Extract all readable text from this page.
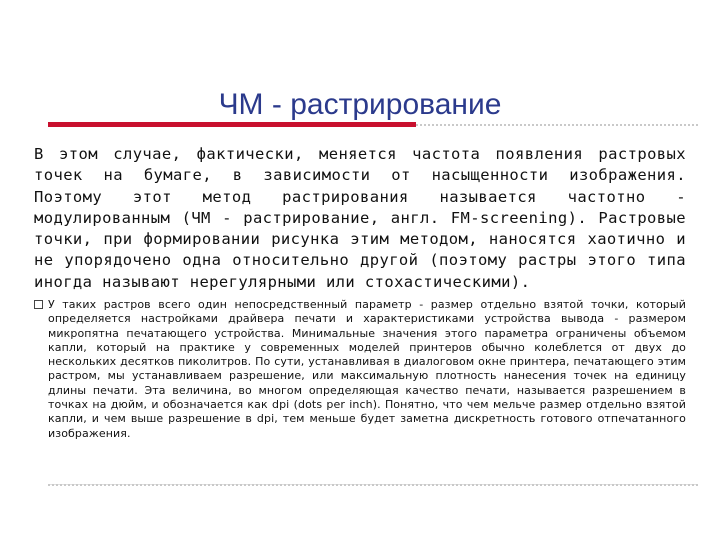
ЧМ - растрирование
В этом случае, фактически, меняется частота появления растровых точек на бумаге, в зависимости от насыщенности изображения. Поэтому этот метод растрирования называется частотно - модулированным (ЧМ - растрирование, англ. FM-screening). Растровые точки, при формировании рисунка этим методом, наносятся хаотично и не упорядочено одна относительно другой (поэтому растры этого типа иногда называют нерегулярными или стохастическими).
У таких растров всего один непосредственный параметр - размер отдельно взятой точки, который определяется настройками драйвера печати и характеристиками устройства вывода - размером микропятна печатающего устройства. Минимальные значения этого параметра ограничены объемом капли, который на практике у современных моделей принтеров обычно колеблется от двух до нескольких десятков пиколитров. По сути, устанавливая в диалоговом окне принтера, печатающего этим растром, мы устанавливаем разрешение, или максимальную плотность нанесения точек на единицу длины печати. Эта величина, во многом определяющая качество печати, называется разрешением в точках на дюйм, и обозначается как dpi (dots per inch). Понятно, что чем мельче размер отдельно взятой капли, и чем выше разрешение в dpi, тем меньше будет заметна дискретность готового отпечатанного изображения.
